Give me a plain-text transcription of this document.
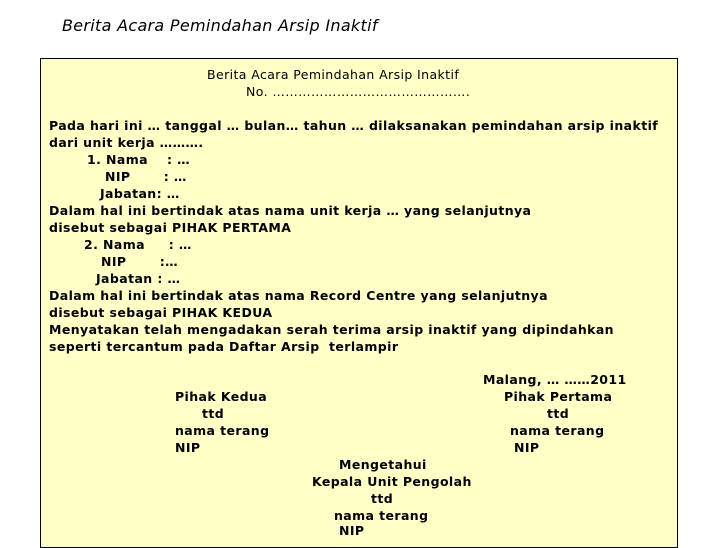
Berita Acara Pemindahan Arsip Inaktif
Berita Acara Pemindahan Arsip Inaktif
No. ……………………………………….
Pada hari ini … tanggal … bulan… tahun … dilaksanakan pemindahan arsip inaktif
dari unit kerja ……….
1. Nama    : …
NIP       : …
Jabatan: …
Dalam hal ini bertindak atas nama unit kerja … yang selanjutnya
disebut sebagai PIHAK PERTAMA
2. Nama     : …
NIP       :…
Jabatan : …
Dalam hal ini bertindak atas nama Record Centre yang selanjutnya
disebut sebagai PIHAK KEDUA
Menyatakan telah mengadakan serah terima arsip inaktif yang dipindahkan
seperti tercantum pada Daftar Arsip  terlampir
Malang, … ……2011
Pihak Pertama
ttd
nama terang
NIP
Pihak Kedua
ttd
nama terang
NIP
Mengetahui
Kepala Unit Pengolah
ttd
nama terang
NIP
